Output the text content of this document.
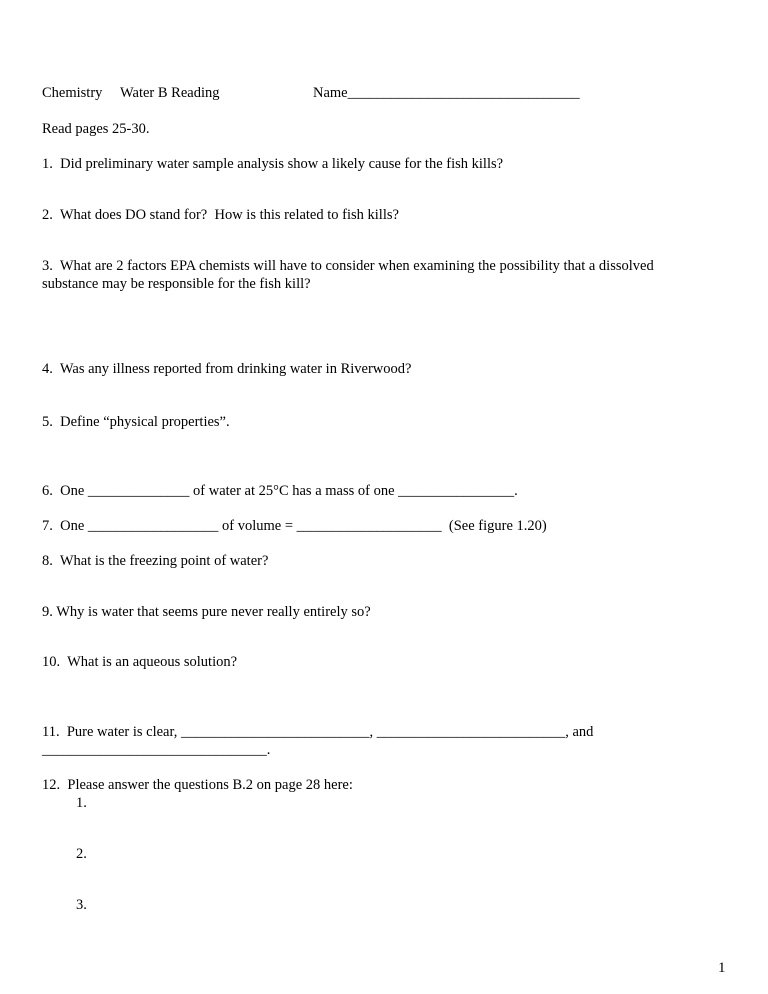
Chemistry Water B Reading	Name________________________________
Read pages 25-30.
1.  Did preliminary water sample analysis show a likely cause for the fish kills?
2.  What does DO stand for?  How is this related to fish kills?
3.  What are 2 factors EPA chemists will have to consider when examining the possibility that a dissolved
substance may be responsible for the fish kill?
4.  Was any illness reported from drinking water in Riverwood?
5.  Define “physical properties”.
6.  One ______________ of water at 25°C has a mass of one ________________.
7.  One __________________ of volume = ____________________  (See figure 1.20)
8.  What is the freezing point of water?
9. Why is water that seems pure never really entirely so?
10.  What is an aqueous solution?
11.  Pure water is clear, __________________________, __________________________, and
_______________________________.
12.  Please answer the questions B.2 on page 28 here:
1.
2.
3.
1
